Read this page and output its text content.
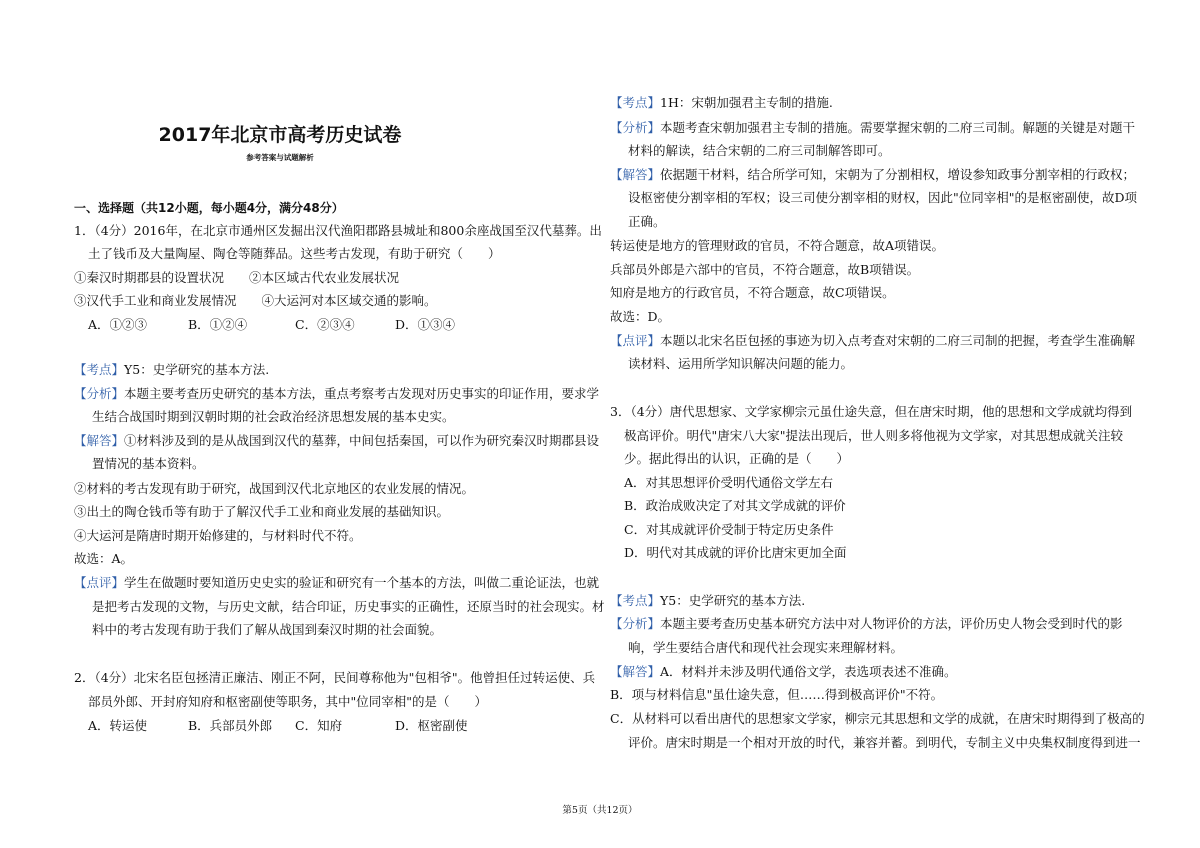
2017年北京市高考历史试卷
参考答案与试题解析
一、选择题（共12小题，每小题4分，满分48分）
1．（4分）2016年，在北京市通州区发掘出汉代渔阳郡路县城址和800余座战国至汉代墓葬。出
土了钱币及大量陶屋、陶仓等随葬品。这些考古发现，有助于研究（　　）
①秦汉时期郡县的设置状况　　②本区域古代农业发展状况
③汉代手工业和商业发展情况　　④大运河对本区域交通的影响。
A．①②③	B．①②④	C．②③④	D．①③④
【考点】Y5：史学研究的基本方法.
【分析】本题主要考查历史研究的基本方法，重点考察考古发现对历史事实的印证作用，要求学
生结合战国时期到汉朝时期的社会政治经济思想发展的基本史实。
【解答】①材料涉及到的是从战国到汉代的墓葬，中间包括秦国，可以作为研究秦汉时期郡县设
置情况的基本资料。
②材料的考古发现有助于研究，战国到汉代北京地区的农业发展的情况。
③出土的陶仓钱币等有助于了解汉代手工业和商业发展的基础知识。
④大运河是隋唐时期开始修建的，与材料时代不符。
故选：A。
【点评】学生在做题时要知道历史史实的验证和研究有一个基本的方法，叫做二重论证法，也就
是把考古发现的文物，与历史文献，结合印证，历史事实的正确性，还原当时的社会现实。材
料中的考古发现有助于我们了解从战国到秦汉时期的社会面貌。
2．（4分）北宋名臣包拯清正廉洁、刚正不阿，民间尊称他为"包相爷"。他曾担任过转运使、兵
部员外郎、开封府知府和枢密副使等职务，其中"位同宰相"的是（　　）
A．转运使	B．兵部员外郎 C．知府	D．枢密副使
【考点】1H：宋朝加强君主专制的措施.
【分析】本题考查宋朝加强君主专制的措施。需要掌握宋朝的二府三司制。解题的关键是对题干
材料的解读，结合宋朝的二府三司制解答即可。
【解答】依据题干材料，结合所学可知，宋朝为了分割相权，增设参知政事分割宰相的行政权；
设枢密使分割宰相的军权；设三司使分割宰相的财权，因此"位同宰相"的是枢密副使，故D项
正确。
转运使是地方的管理财政的官员，不符合题意，故A项错误。
兵部员外郎是六部中的官员，不符合题意，故B项错误。
知府是地方的行政官员，不符合题意，故C项错误。
故选：D。
【点评】本题以北宋名臣包拯的事迹为切入点考查对宋朝的二府三司制的把握，考查学生准确解
读材料、运用所学知识解决问题的能力。
3．（4分）唐代思想家、文学家柳宗元虽仕途失意，但在唐宋时期，他的思想和文学成就均得到
极高评价。明代"唐宋八大家"提法出现后，世人则多将他视为文学家，对其思想成就关注较
少。据此得出的认识，正确的是（　　）
A．对其思想评价受明代通俗文学左右
B．政治成败决定了对其文学成就的评价
C．对其成就评价受制于特定历史条件
D．明代对其成就的评价比唐宋更加全面
【考点】Y5：史学研究的基本方法.
【分析】本题主要考查历史基本研究方法中对人物评价的方法，评价历史人物会受到时代的影
响，学生要结合唐代和现代社会现实来理解材料。
【解答】A．材料并未涉及明代通俗文学，表选项表述不准确。
B．项与材料信息"虽仕途失意，但……得到极高评价"不符。
C．从材料可以看出唐代的思想家文学家，柳宗元其思想和文学的成就，在唐宋时期得到了极高的
评价。唐宋时期是一个相对开放的时代，兼容并蓄。到明代，专制主义中央集权制度得到进一
第5页（共12页）
